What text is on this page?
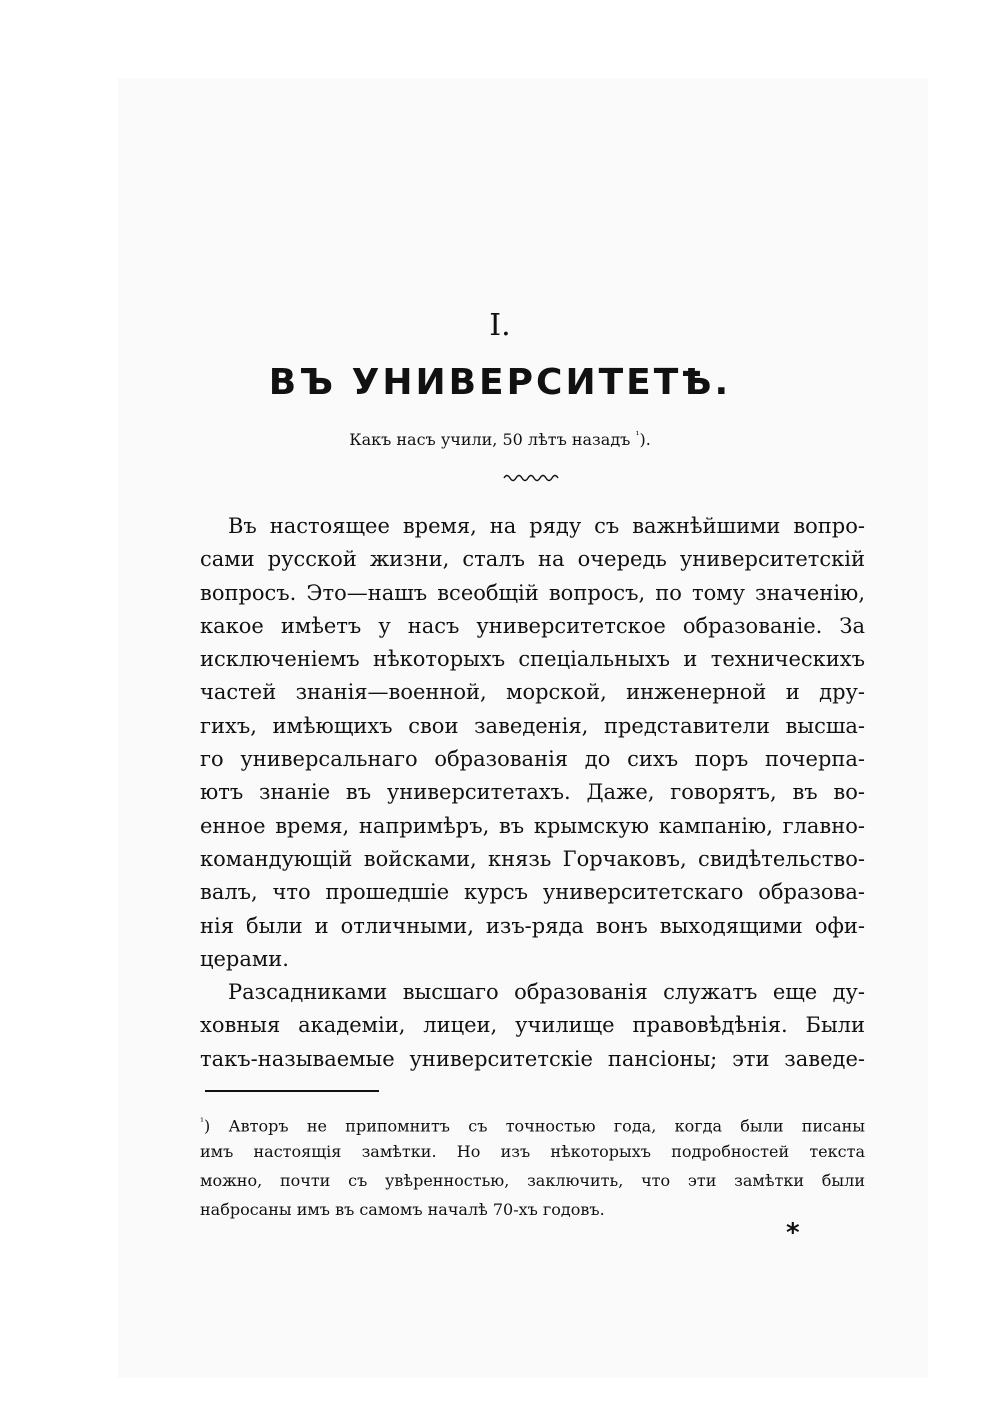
I.
ВЪ УНИВЕРСИТЕТѢ.
Какъ насъ учили, 50 лѣтъ назадъ $^{^1}$).
Въ настоящее время, на ряду съ важнѣйшими вопро-
сами русской жизни, сталъ на очередь университетскій
вопросъ. Это—нашъ всеобщій вопросъ, по тому значенію,
какое имѣетъ у насъ университетское образованіе. За
исключеніемъ нѣкоторыхъ спеціальныхъ и техническихъ
частей знанія—военной, морской, инженерной и дру-
гихъ, имѣющихъ свои заведенія, представители высша-
го универсальнаго образованія до сихъ поръ почерпа-
ютъ знаніе въ университетахъ. Даже, говорятъ, въ во-
енное время, напримѣръ, въ крымскую кампанію, главно-
командующій войсками, князь Горчаковъ, свидѣтельство-
валъ, что прошедшіе курсъ университетскаго образова-
нія были и отличными, изъ-ряда вонъ выходящими офи-
церами.
Разсадниками высшаго образованія служатъ еще ду-
ховныя академіи, лицеи, училище правовѣдѣнія. Были
такъ-называемые университетскіе пансіоны; эти заведе-
$^{^1}$) Авторъ не припомнитъ съ точностью года, когда были писаны
имъ настоящія замѣтки. Но изъ нѣкоторыхъ подробностей текста
можно, почти съ увѣренностью, заключить, что эти замѣтки были
набросаны имъ въ самомъ началѣ 70-хъ годовъ.
*
